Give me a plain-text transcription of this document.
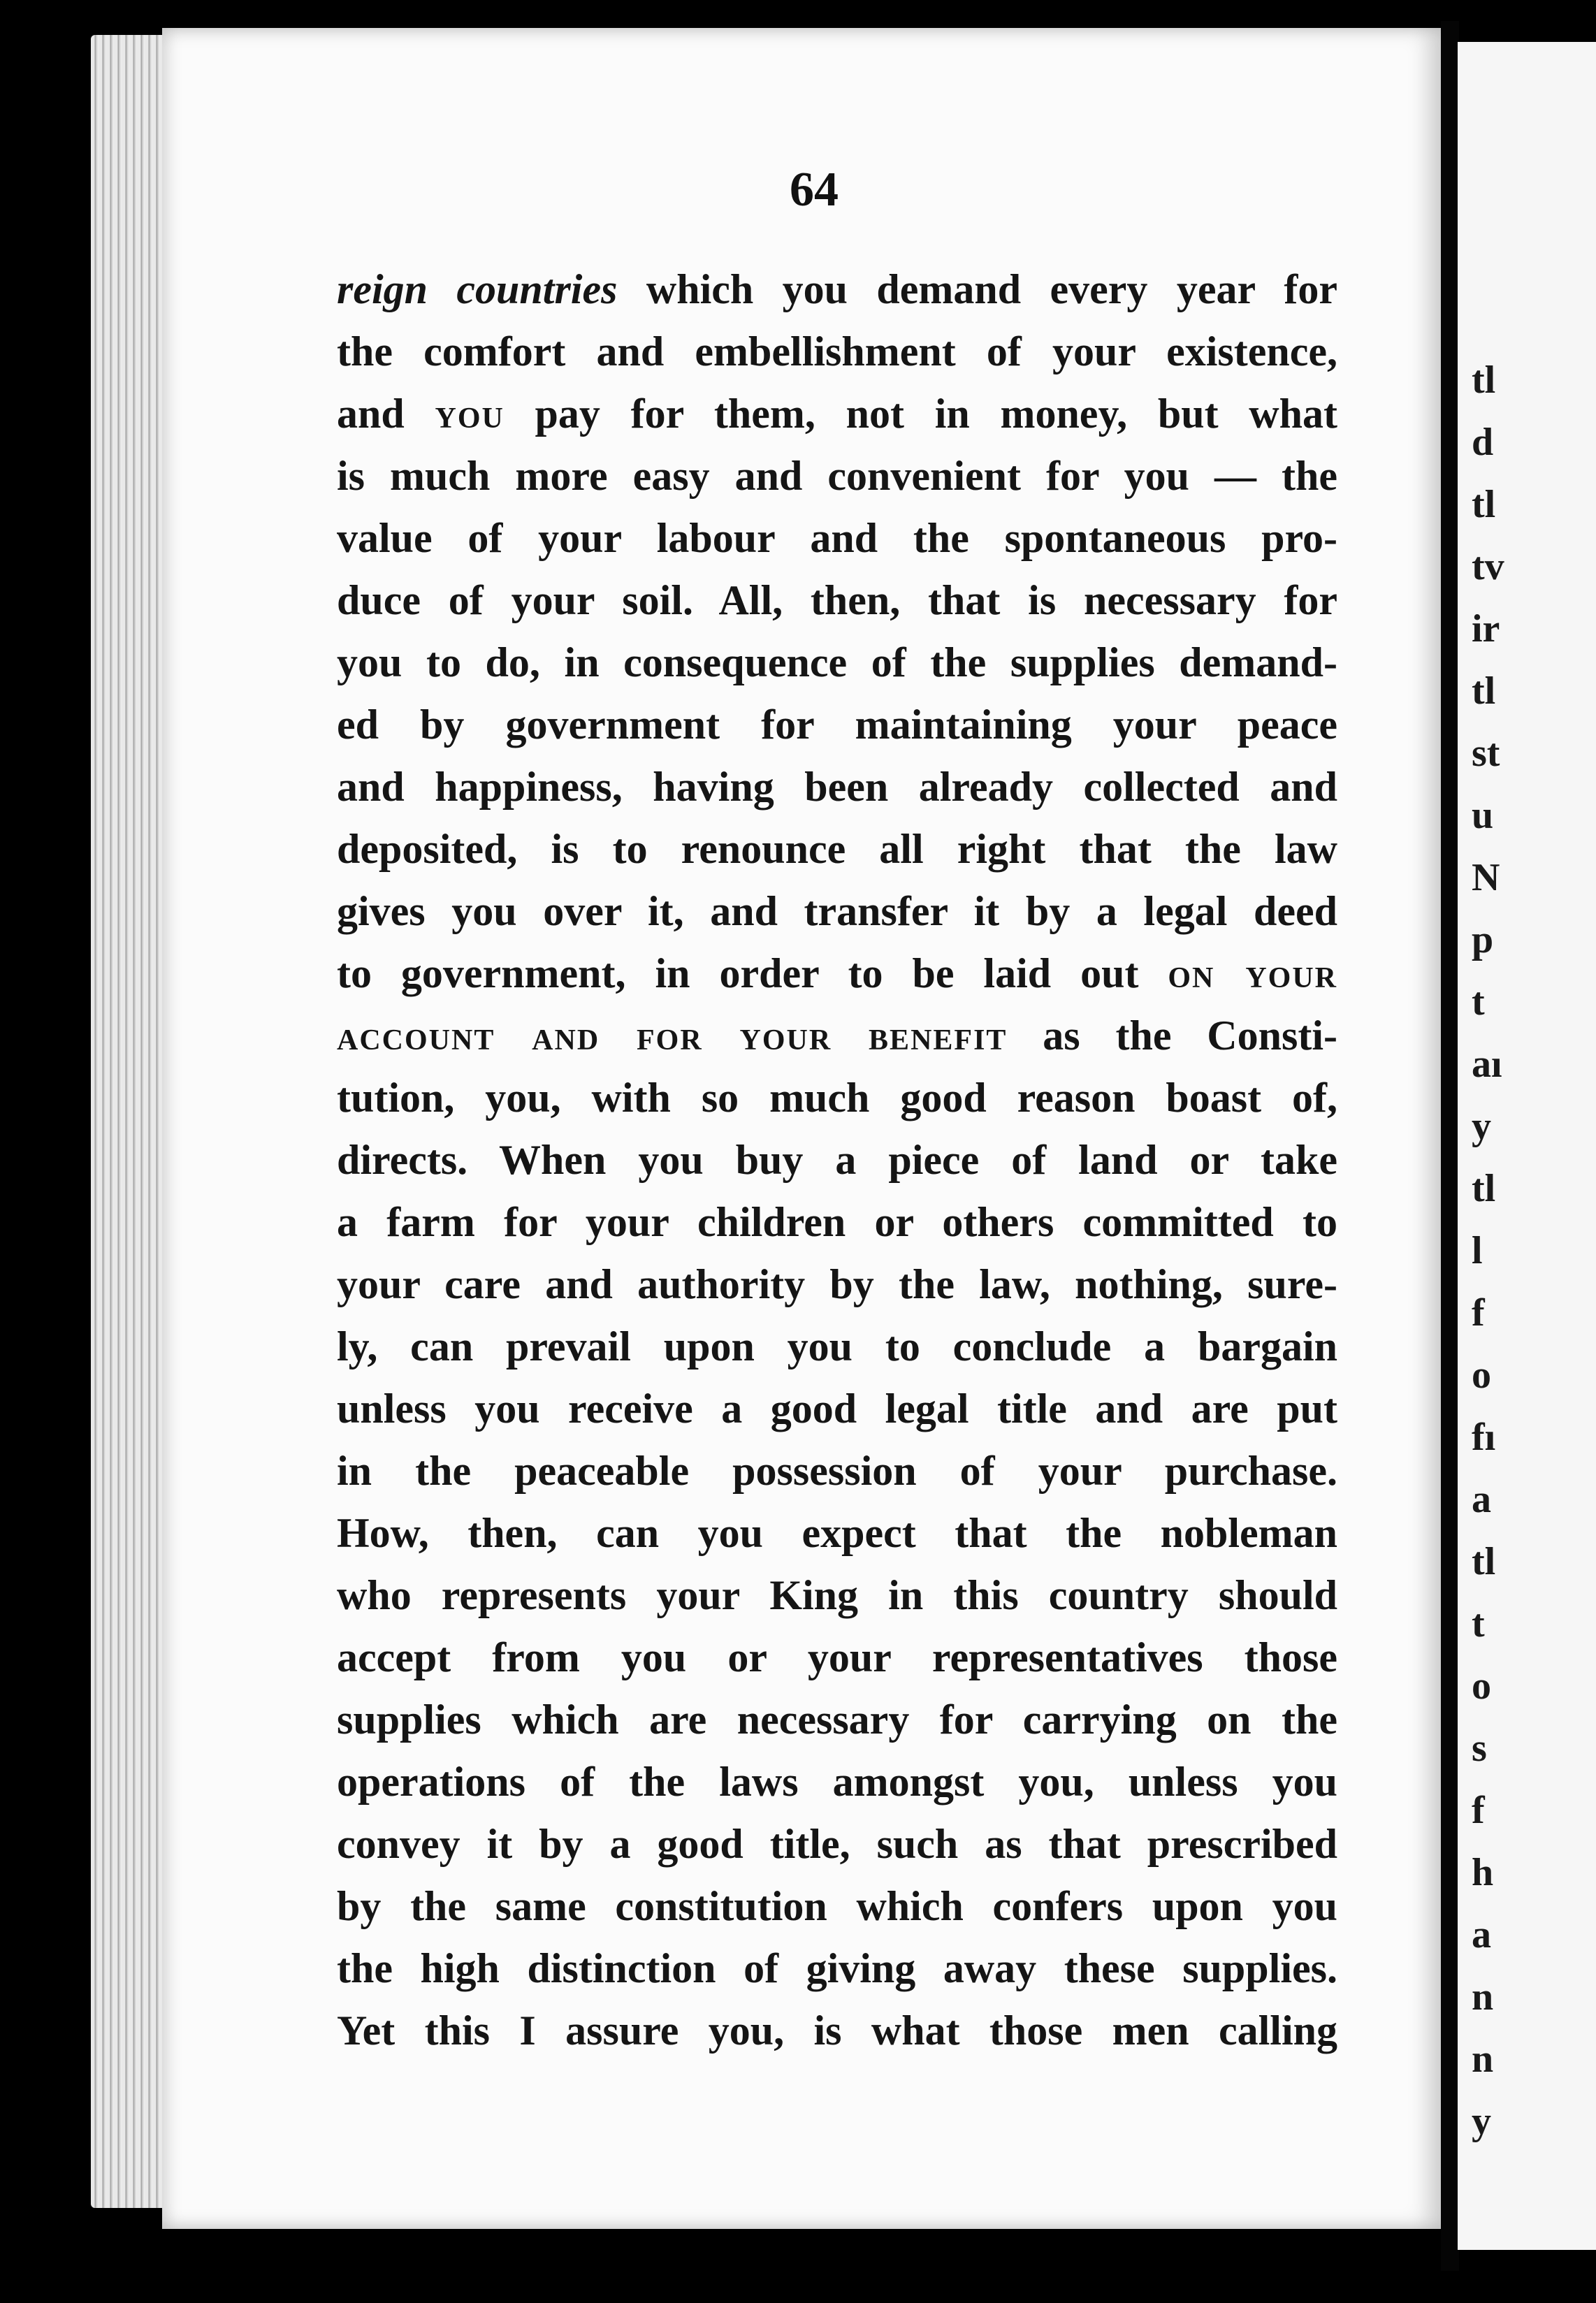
tl
d
tl
tv
ir
tl
st
u
N
p
t
aı
y
tl
l
f
o
fı
a
tl
t
o
s
f
h
a
n
n
y
64
reign countries which you demand every year for
the comfort and embellishment of your existence,
and you pay for them, not in money, but what
is much more easy and convenient for you — the
value of your labour and the spontaneous pro-
duce of your soil. All, then, that is necessary for
you to do, in consequence of the supplies demand-
ed by government for maintaining your peace
and happiness, having been already collected and
deposited, is to renounce all right that the law
gives you over it, and transfer it by a legal deed
to government, in order to be laid out on your
account and for your benefit as the Consti-
tution, you, with so much good reason boast of,
directs. When you buy a piece of land or take
a farm for your children or others committed to
your care and authority by the law, nothing, sure-
ly, can prevail upon you to conclude a bargain
unless you receive a good legal title and are put
in the peaceable possession of your purchase.
How, then, can you expect that the nobleman
who represents your King in this country should
accept from you or your representatives those
supplies which are necessary for carrying on the
operations of the laws amongst you, unless you
convey it by a good title, such as that prescribed
by the same constitution which confers upon you
the high distinction of giving away these supplies.
Yet this I assure you, is what those men calling
